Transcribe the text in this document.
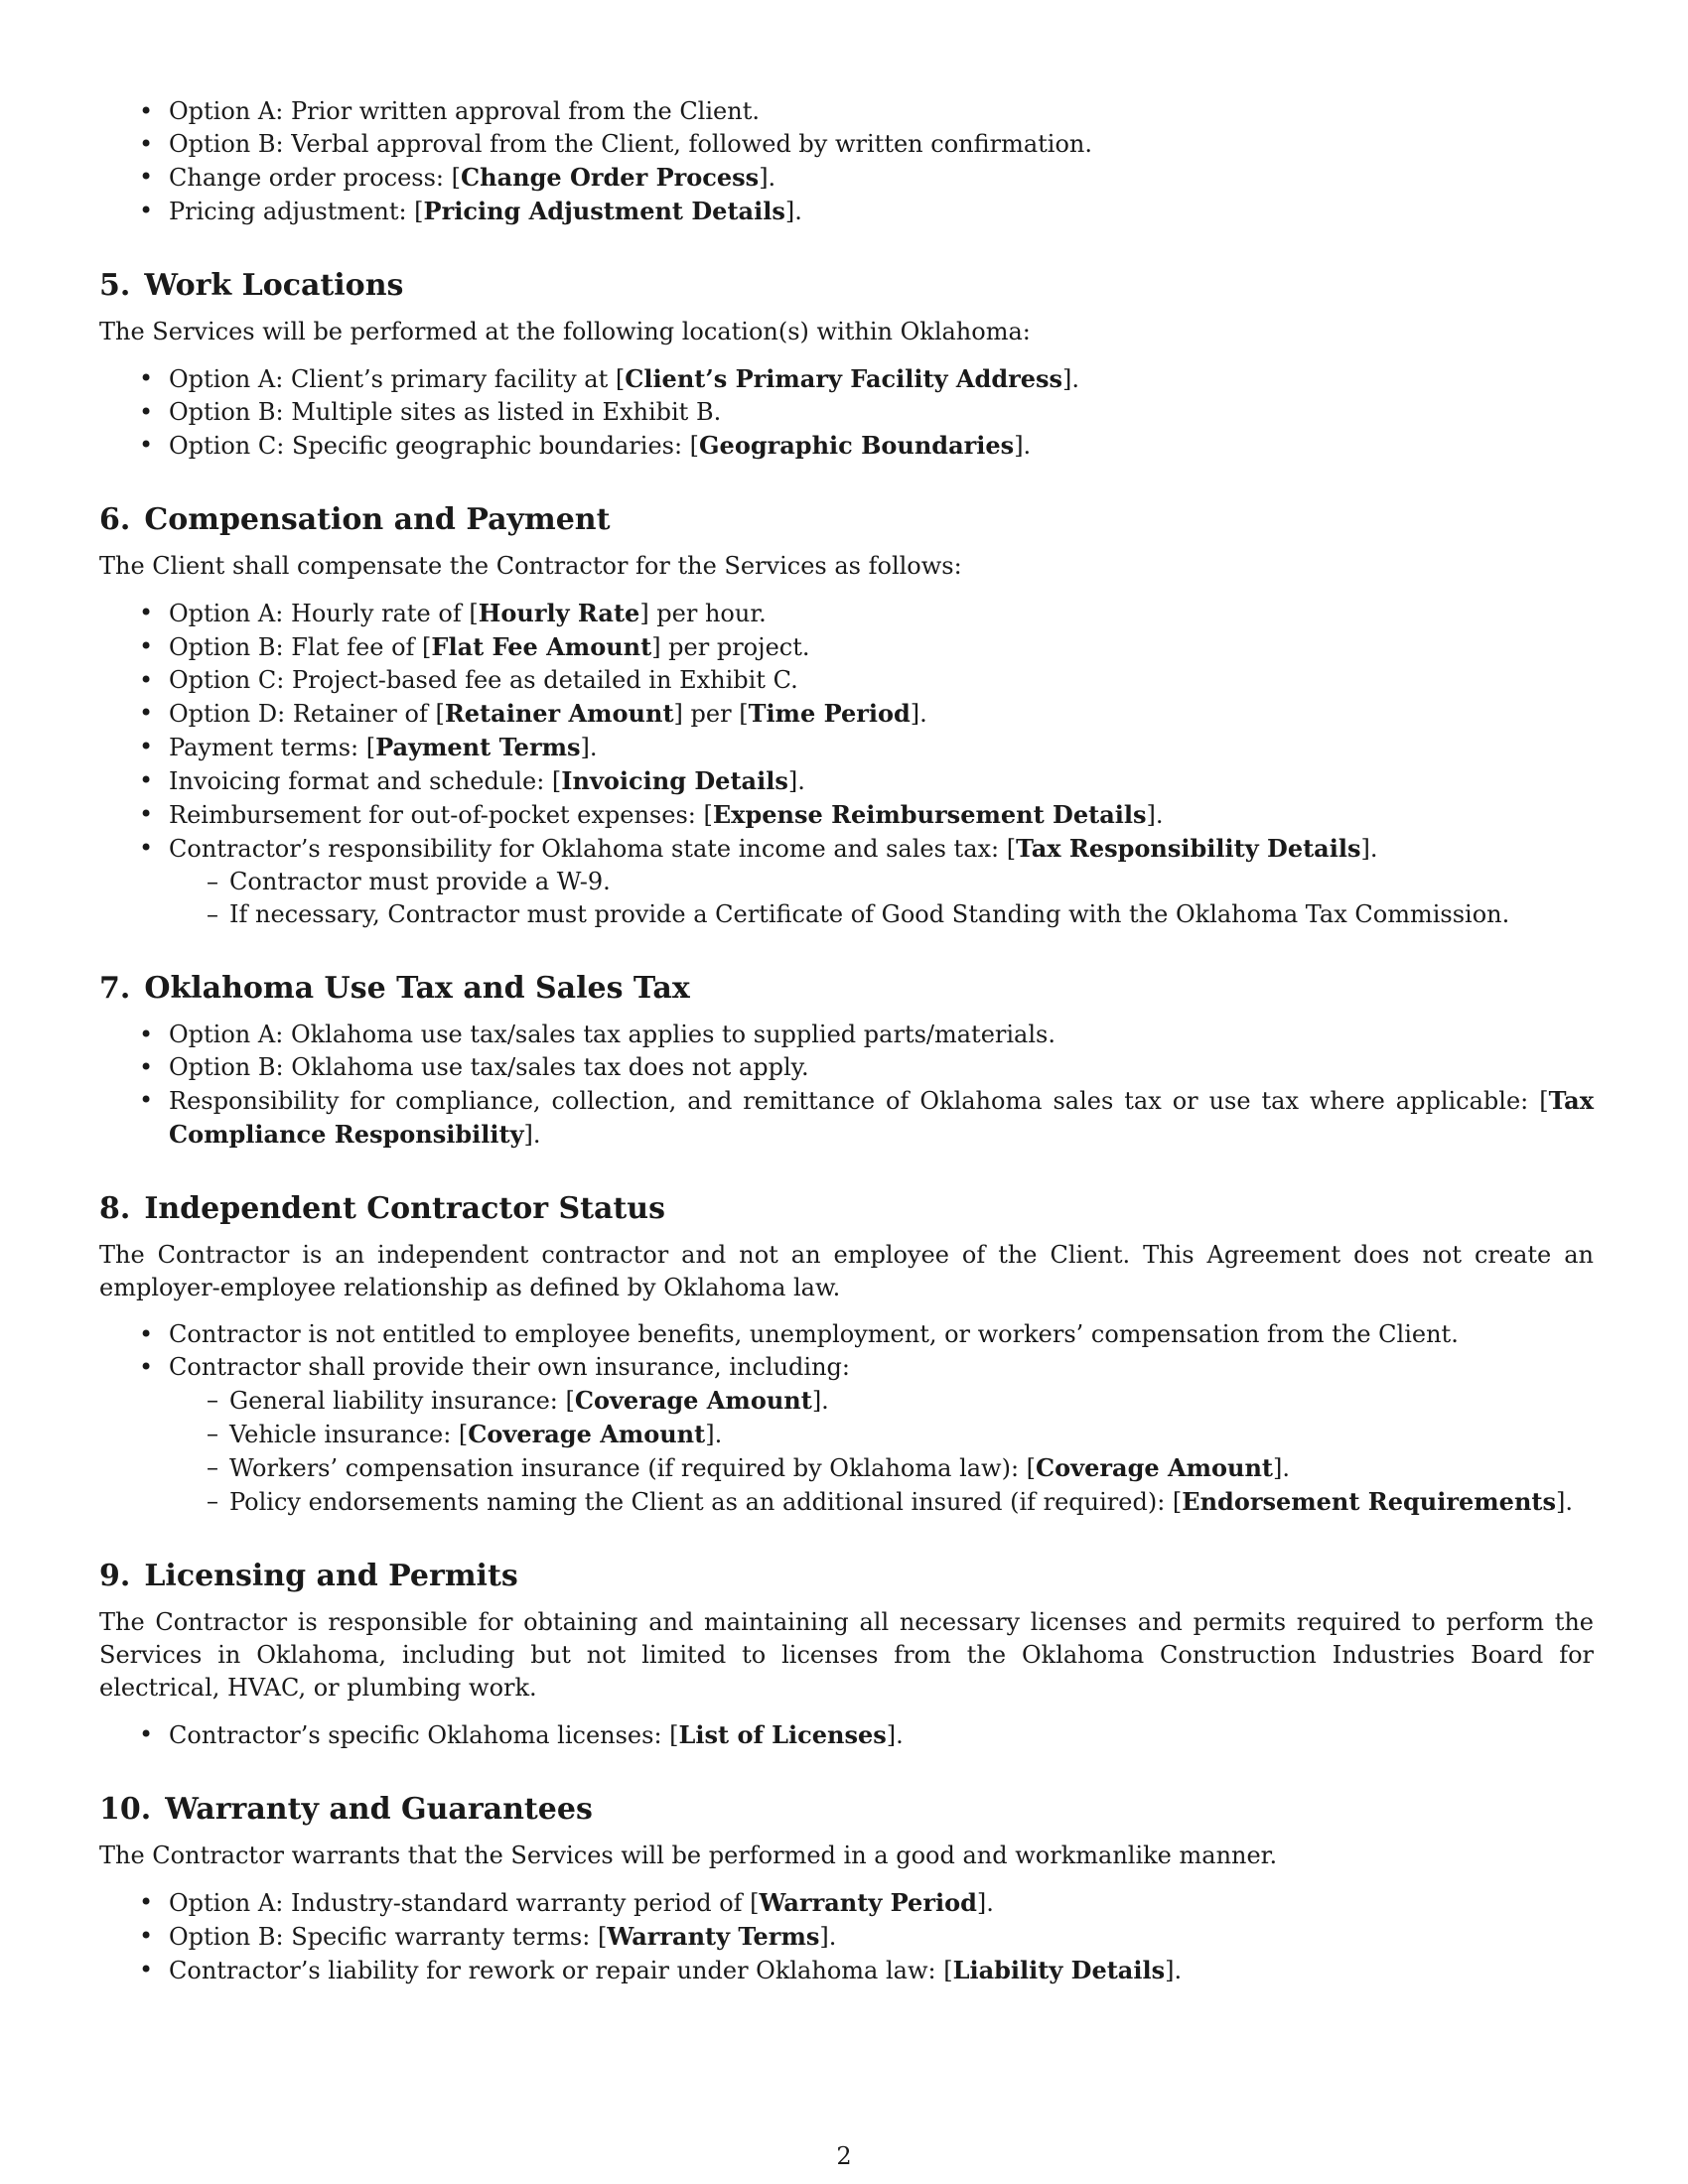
• Option A: Prior written approval from the Client.
• Option B: Verbal approval from the Client, followed by written confirmation.
• Change order process: [Change Order Process].
• Pricing adjustment: [Pricing Adjustment Details].
5. Work Locations

The Services will be performed at the following location(s) within Oklahoma:

• Option A: Client’s primary facility at [Client’s Primary Facility Address].
• Option B: Multiple sites as listed in Exhibit B.
• Option C: Specific geographic boundaries: [Geographic Boundaries].
6. Compensation and Payment

The Client shall compensate the Contractor for the Services as follows:

• Option A: Hourly rate of [Hourly Rate] per hour.
• Option B: Flat fee of [Flat Fee Amount] per project.
• Option C: Project-based fee as detailed in Exhibit C.
• Option D: Retainer of [Retainer Amount] per [Time Period].
• Payment terms: [Payment Terms].
• Invoicing format and schedule: [Invoicing Details].
• Reimbursement for out-of-pocket expenses: [Expense Reimbursement Details].
• Contractor’s responsibility for Oklahoma state income and sales tax: [Tax Responsibility Details].
– Contractor must provide a W-9.
– If necessary, Contractor must provide a Certificate of Good Standing with the Oklahoma Tax Commission.
7. Oklahoma Use Tax and Sales Tax
• Option A: Oklahoma use tax/sales tax applies to supplied parts/materials.
• Option B: Oklahoma use tax/sales tax does not apply.
• Responsibility for compliance, collection, and remittance of Oklahoma sales tax or use tax where applicable: [Tax Compliance Responsibility].
8. Independent Contractor Status

The Contractor is an independent contractor and not an employee of the Client. This Agreement does not create an employer-employee relationship as defined by Oklahoma law.

• Contractor is not entitled to employee benefits, unemployment, or workers’ compensation from the Client.
• Contractor shall provide their own insurance, including:
– General liability insurance: [Coverage Amount].
– Vehicle insurance: [Coverage Amount].
– Workers’ compensation insurance (if required by Oklahoma law): [Coverage Amount].
– Policy endorsements naming the Client as an additional insured (if required): [Endorsement Requirements].
9. Licensing and Permits

The Contractor is responsible for obtaining and maintaining all necessary licenses and permits required to perform the Services in Oklahoma, including but not limited to licenses from the Oklahoma Construction Industries Board for electrical, HVAC, or plumbing work.

• Contractor’s specific Oklahoma licenses: [List of Licenses].
10. Warranty and Guarantees

The Contractor warrants that the Services will be performed in a good and workmanlike manner.

• Option A: Industry-standard warranty period of [Warranty Period].
• Option B: Specific warranty terms: [Warranty Terms].
• Contractor’s liability for rework or repair under Oklahoma law: [Liability Details].
2
